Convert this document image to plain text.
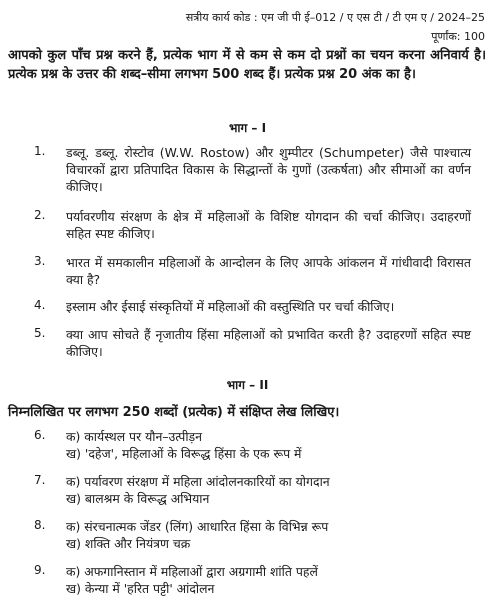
सत्रीय कार्य कोड : एम जी पी ई–012 / ए एस टी / टी एम ए / 2024–25
पूर्णांक: 100
आपको कुल पाँच प्रश्न करने हैं, प्रत्येक भाग में से कम से कम दो प्रश्नों का चयन करना अनिवार्य है। प्रत्येक प्रश्न के उत्तर की शब्द–सीमा लगभग 500 शब्द हैं। प्रत्येक प्रश्न 20 अंक का है।
भाग – I
1. डब्लू. डब्लू. रोस्टोव (W.W. Rostow) और शुम्पीटर (Schumpeter) जैसे पाश्चात्य विचारकों द्वारा प्रतिपादित विकास के सिद्धान्तों के गुणों (उत्कर्षता) और सीमाओं का वर्णन कीजिए।
2. पर्यावरणीय संरक्षण के क्षेत्र में महिलाओं के विशिष्ट योगदान की चर्चा कीजिए। उदाहरणों सहित स्पष्ट कीजिए।
3. भारत में समकालीन महिलाओं के आन्दोलन के लिए आपके आंकलन में गांधीवादी विरासत क्या है?
4. इस्लाम और ईसाई संस्कृतियों में महिलाओं की वस्तुस्थिति पर चर्चा कीजिए।
5. क्या आप सोचते हैं नृजातीय हिंसा महिलाओं को प्रभावित करती है? उदाहरणों सहित स्पष्ट कीजिए।
भाग – II
निम्नलिखित पर लगभग 250 शब्दों (प्रत्येक) में संक्षिप्त लेख लिखिए।
6. क) कार्यस्थल पर यौन–उत्पीड़न
ख) 'दहेज', महिलाओं के विरूद्ध हिंसा के एक रूप में
7. क) पर्यावरण संरक्षण में महिला आंदोलनकारियों का योगदान
ख) बालश्रम के विरूद्ध अभियान
8. क) संरचनात्मक जेंडर (लिंग) आधारित हिंसा के विभिन्न रूप
ख) शक्ति और नियंत्रण चक्र
9. क) अफगानिस्तान में महिलाओं द्वारा अग्रगामी शांति पहलें
ख) केन्या में 'हरित पट्टी' आंदोलन
